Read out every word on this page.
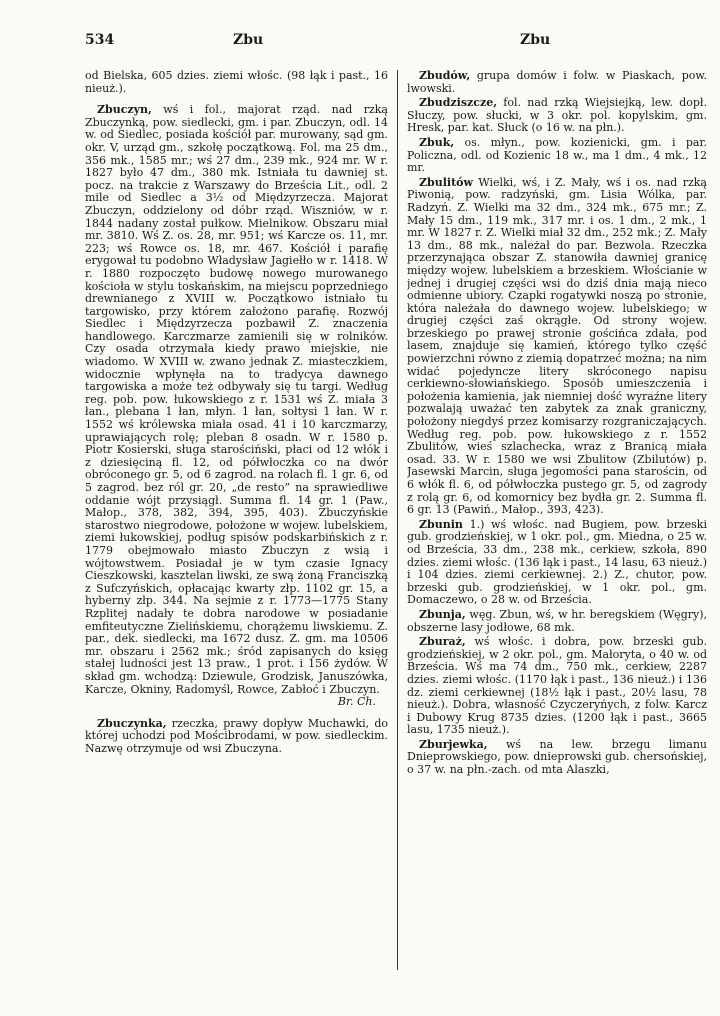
534	Zbu	Zbu

od Bielska, 605 dzies. ziemi włośc. (98 łąk i past., 16 nieuż.).

Zbuczyn, wś i fol., majorat rząd. nad rzką Zbuczynką, pow. siedlecki, gm. i par. Zbuczyn, odl. 14 w. od Siedlec, posiada kościół par. murowany, sąd gm. okr. V, urząd gm., szkołę początkową. Fol. ma 25 dm., 356 mk., 1585 mr.; wś 27 dm., 239 mk., 924 mr. W r. 1827 było 47 dm., 380 mk. Istniała tu dawniej st. pocz. na trakcie z Warszawy do Brześcia Lit., odl. 2 mile od Siedlec a 3½ od Międzyrzecza. Majorat Zbuczyn, oddzielony od dóbr rząd. Wiszniów, w r. 1844 nadany został pułkow. Mielnikow. Obszaru miał mr. 3810. Wś Z. os. 28, mr. 951; wś Karcze os. 11, mr. 223; wś Rowce os. 18, mr. 467. Kościół i parafię erygował tu podobno Władysław Jagiełło w r. 1418. W r. 1880 rozpoczęto budowę nowego murowanego kościoła w stylu toskańskim, na miejscu poprzedniego drewnianego z XVIII w. Początkowo istniało tu targowisko, przy którem założono parafię. Rozwój Siedlec i Międzyrzecza pozbawił Z. znaczenia handlowego. Karczmarze zamienili się w rolników. Czy osada otrzymała kiedy prawo miejskie, nie wiadomo. W XVIII w. zwano jednak Z. miasteczkiem, widocznie wpłynęła na to tradycya dawnego targowiska a może też odbywały się tu targi. Według reg. pob. pow. łukowskiego z r. 1531 wś Z. miała 3 łan., plebana 1 łan, młyn. 1 łan, sołtysi 1 łan. W r. 1552 wś królewska miała osad. 41 i 10 karczmarzy, uprawiających rolę; pleban 8 osadn. W r. 1580 p. Piotr Kosierski, sługa starościński, płaci od 12 włók i z dziesięciną fl. 12, od półwłoczka co na dwór obróconego gr. 5, od 6 zagrod. na rolach fl. 1 gr. 6, od 5 zagrod. bez ról gr. 20, „de resto” na sprawiedliwe oddanie wójt przysiągł. Summa fl. 14 gr. 1 (Paw., Małop., 378, 382, 394, 395, 403). Zbuczyńskie starostwo niegrodowe, położone w wojew. lubelskiem, ziemi łukowskiej, podług spisów podskarbińskich z r. 1779 obejmowało miasto Zbuczyn z wsią i wójtowstwem. Posiadał je w tym czasie Ignacy Cieszkowski, kasztelan liwski, ze swą żoną Franciszką z Sufczyńskich, opłacając kwarty złp. 1102 gr. 15, a hyberny złp. 344. Na sejmie z r. 1773—1775 Stany Rzplitej nadały te dobra narodowe w posiadanie emfiteutyczne Zielińskiemu, chorążemu liwskiemu. Z. par., dek. siedlecki, ma 1672 dusz. Z. gm. ma 10506 mr. obszaru i 2562 mk.; śród zapisanych do księg stałej ludności jest 13 praw., 1 prot. i 156 żydów. W skład gm. wchodzą: Dziewule, Grodzisk, Januszówka, Karcze, Okniny, Radomyśl, Rowce, Zabłoć i Zbuczyn.
Br. Ch.

Zbuczynka, rzeczka, prawy dopływ Muchawki, do której uchodzi pod Mościbrodami, w pow. siedleckim. Nazwę otrzymuje od wsi Zbuczyna.

Zbudów, grupa domów i folw. w Piaskach, pow. lwowski.

Zbudziszcze, fol. nad rzką Wiejsiejką, lew. dopł. Słuczy, pow. słucki, w 3 okr. pol. kopylskim, gm. Hresk, par. kat. Słuck (o 16 w. na płn.).

Zbuk, os. młyn., pow. kozienicki, gm. i par. Policzna, odl. od Kozienic 18 w., ma 1 dm., 4 mk., 12 mr.

Zbulitów Wielki, wś, i Z. Mały, wś i os. nad rzką Piwonią, pow. radzyński, gm. Lisia Wólka, par. Radzyń. Z. Wielki ma 32 dm., 324 mk., 675 mr.; Z. Mały 15 dm., 119 mk., 317 mr. i os. 1 dm., 2 mk., 1 mr. W 1827 r. Z. Wielki miał 32 dm., 252 mk.; Z. Mały 13 dm., 88 mk., należał do par. Bezwola. Rzeczka przerzynająca obszar Z. stanowiła dawniej granicę między wojew. lubelskiem a brzeskiem. Włościanie w jednej i drugiej części wsi do dziś dnia mają nieco odmienne ubiory. Czapki rogatywki noszą po stronie, która należała do dawnego wojew. lubelskiego; w drugiej części zaś okrągłe. Od strony wojew. brzeskiego po prawej stronie gościńca zdała, pod lasem, znajduje się kamień, którego tylko część powierzchni równo z ziemią dopatrzeć można; na nim widać pojedyncze litery skróconego napisu cerkiewno-słowiańskiego. Sposób umieszczenia i położenia kamienia, jak niemniej dość wyraźne litery pozwalają uważać ten zabytek za znak graniczny, położony niegdyś przez komisarzy rozgraniczających. Według reg. pob. pow. łukowskiego z r. 1552 Zbulitów, wieś szlachecka, wraz z Branicą miała osad. 33. W r. 1580 we wsi Zbulitow (Zbilutów) p. Jasewski Marcin, sługa jegomości pana starościn, od 6 włók fl. 6, od półwłoczka pustego gr. 5, od zagrody z rolą gr. 6, od komornicy bez bydła gr. 2. Summa fl. 6 gr. 13 (Pawiń., Małop., 393, 423).

Zbunin 1.) wś włośc. nad Bugiem, pow. brzeski gub. grodzieńskiej, w 1 okr. pol., gm. Miedna, o 25 w. od Brześcia, 33 dm., 238 mk., cerkiew, szkoła, 890 dzies. ziemi włośc. (136 łąk i past., 14 lasu, 63 nieuż.) i 104 dzies. ziemi cerkiewnej. 2.) Z., chutor, pow. brzeski gub. grodzieńskiej, w 1 okr. pol., gm. Domaczewo, o 28 w. od Brześcia.

Zbunja, węg. Zbun, wś, w hr. beregskiem (Węgry), obszerne lasy jodłowe, 68 mk.

Zburaż, wś włośc. i dobra, pow. brzeski gub. grodzieńskiej, w 2 okr. pol., gm. Małoryta, o 40 w. od Brześcia. Wś ma 74 dm., 750 mk., cerkiew, 2287 dzies. ziemi włośc. (1170 łąk i past., 136 nieuż.) i 136 dz. ziemi cerkiewnej (18½ łąk i past., 20½ lasu, 78 nieuż.). Dobra, własność Czyczeryńych, z folw. Karcz i Dubowy Krug 8735 dzies. (1200 łąk i past., 3665 lasu, 1735 nieuż.).

Zburjewka, wś na lew. brzegu limanu Dnieprowskiego, pow. dnieprowski gub. chersońskiej, o 37 w. na płn.-zach. od mta Alaszki,
